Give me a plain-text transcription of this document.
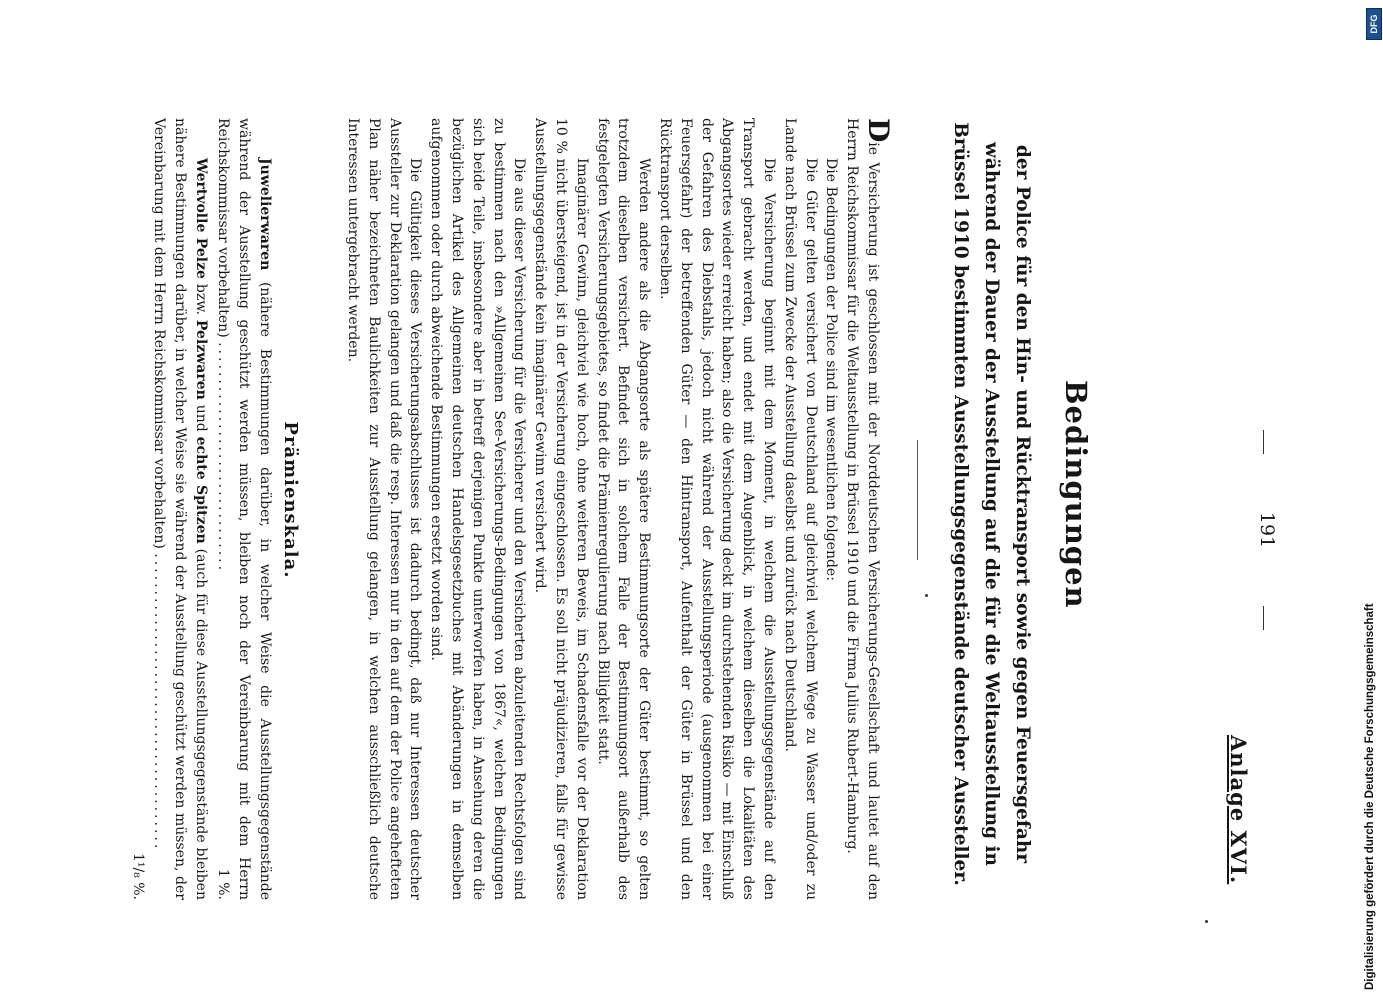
Anlage XVI.
191
Bedingungen
der Police für den Hin- und Rücktransport sowie gegen Feuersgefahr während der Dauer der Ausstellung auf die für die Weltausstellung in Brüssel 1910 bestimmten Ausstellungsgegenstände deutscher Aussteller.

Die Versicherung ist geschlossen mit der Norddeutschen Versicherungs-Gesellschaft und lautet auf den Herrn Reichskommissar für die Weltausstellung in Brüssel 1910 und die Firma Julius Rubert-Hamburg.

Die Bedingungen der Police sind im wesentlichen folgende:

Die Güter gelten versichert von Deutschland auf gleichviel welchem Wege zu Wasser und/oder zu Lande nach Brüssel zum Zwecke der Ausstellung daselbst und zurück nach Deutschland.

Die Versicherung beginnt mit dem Moment, in welchem die Ausstellungsgegenstände auf den Transport gebracht werden, und endet mit dem Augenblick, in welchem dieselben die Lokalitäten des Abgangsortes wieder erreicht haben; also die Versicherung deckt im durchstehenden Risiko — mit Einschluß der Gefahren des Diebstahls, jedoch nicht während der Ausstellungsperiode (ausgenommen bei einer Feuersgefahr) der betreffenden Güter — den Hintransport, Aufenthalt der Güter in Brüssel und den Rücktransport derselben.

Werden andere als die Abgangsorte als spätere Bestimmungsorte der Güter bestimmt, so gelten trotzdem dieselben versichert. Befindet sich in solchem Falle der Bestimmungsort außerhalb des festgelegten Versicherungsgebietes, so findet die Prämienregulierung nach Billigkeit statt.

Imaginärer Gewinn, gleichviel wie hoch, ohne weiteren Beweis, im Schadensfalle vor der Deklaration 10 % nicht übersteigend, ist in der Versicherung eingeschlossen. Es soll nicht präjudizieren, falls für gewisse Ausstellungsgegenstände kein imaginärer Gewinn versichert wird.

Die aus dieser Versicherung für die Versicherer und den Versicherten abzuleitenden Rechtsfolgen sind zu bestimmen nach den »Allgemeinen See-Versicherungs-Bedingungen von 1867«, welchen Bedingungen sich beide Teile, insbesondere aber in betreff derjenigen Punkte unterworfen haben, in Ansehung deren die bezüglichen Artikel des Allgemeinen deutschen Handelsgesetzbuches mit Abänderungen in demselben aufgenommen oder durch abweichende Bestimmungen ersetzt worden sind.

Die Gültigkeit dieses Versicherungsabschlusses ist dadurch bedingt, daß nur Interessen deutscher Aussteller zur Deklaration gelangen und daß die resp. Interessen nur in den auf dem der Police angehefteten Plan näher bezeichneten Baulichkeiten zur Ausstellung gelangen, in welchen ausschließlich deutsche Interessen untergebracht werden.

Prämienskala.

Juwelierwaren (nähere Bestimmungen darüber, in welcher Weise die Ausstellungsgegenstände während der Ausstellung geschützt werden müssen, bleiben noch der Vereinbarung mit dem Herrn Reichskommissar vorbehalten) ...............................
1 %.

Wertvolle Pelze bzw. Pelzwaren und echte Spitzen (auch für diese Ausstellungsgegenstände bleiben nähere Bestimmungen darüber, in welcher Weise sie während der Ausstellung geschützt werden müssen, der Vereinbarung mit dem Herrn Reichskommissar vorbehalten) ........................................
1¹/₈ %.

DFG
Digitalisierung gefördert durch die Deutsche Forschungsgemeinschaft
